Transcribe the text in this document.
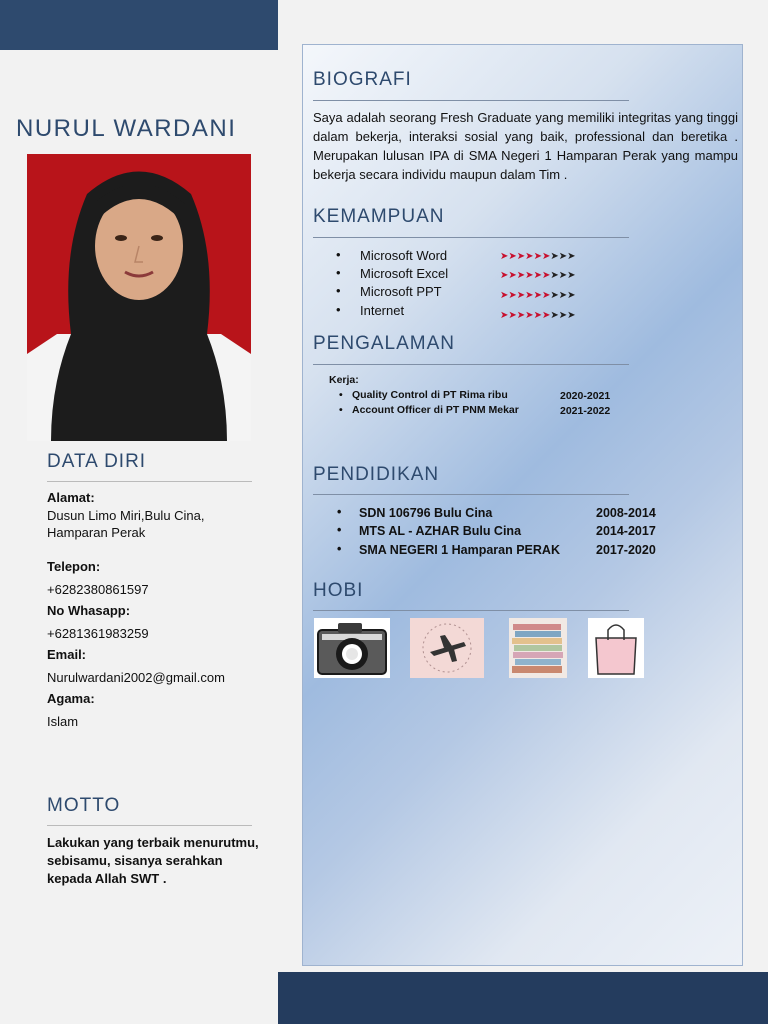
NURUL WARDANI
DATA DIRI
Alamat:
Dusun Limo Miri,Bulu Cina,
Hamparan Perak
Telepon:
+6282380861597
No Whasapp:
+6281361983259
Email:
Nurulwardani2002@gmail.com
Agama:
Islam
MOTTO
Lakukan yang terbaik menurutmu, sebisamu, sisanya serahkan kepada Allah SWT .
BIOGRAFI
Saya adalah seorang Fresh Graduate yang memiliki integritas yang tinggi dalam bekerja, interaksi sosial yang baik, professional dan beretika . Merupakan lulusan IPA di SMA Negeri 1 Hamparan Perak yang mampu bekerja secara individu maupun dalam Tim .
KEMAMPUAN
• Microsoft Word	➤➤➤➤➤➤➤➤➤
• Microsoft Excel	➤➤➤➤➤➤➤➤➤
• Microsoft PPT	➤➤➤➤➤➤➤➤➤
• Internet	➤➤➤➤➤➤➤➤➤
PENGALAMAN
Kerja:
• Quality Control di PT Rima ribu	2020-2021
• Account Officer di PT PNM Mekar	2021-2022
PENDIDIKAN
• SDN 106796 Bulu Cina	2008-2014
• MTS AL - AZHAR Bulu Cina	2014-2017
• SMA NEGERI 1 Hamparan PERAK	2017-2020
HOBI
